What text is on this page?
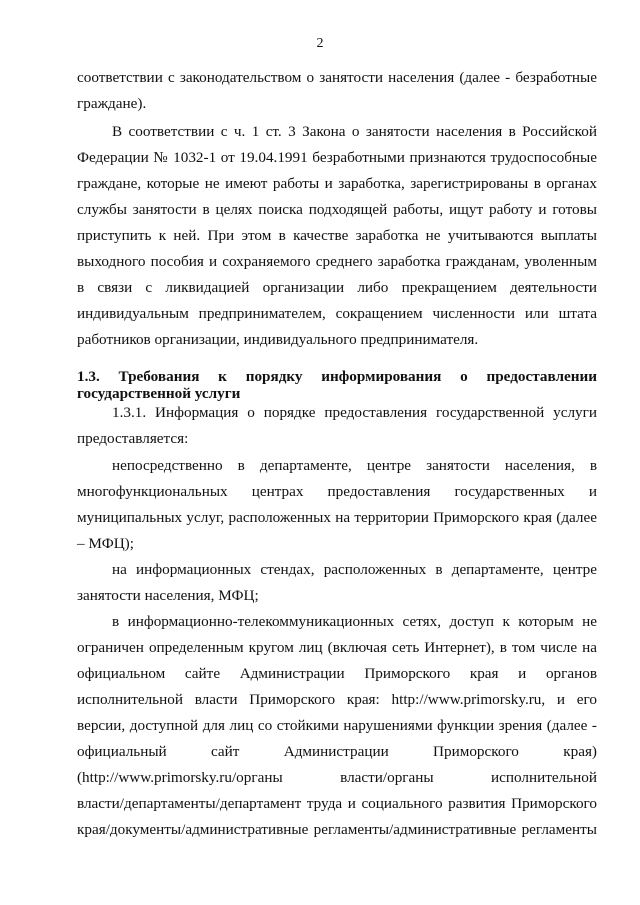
2
соответствии с законодательством о занятости населения (далее - безработные
граждане).
В соответствии с ч. 1 ст. 3 Закона о занятости населения в Российской
Федерации № 1032-1 от 19.04.1991 безработными признаются трудоспособные
граждане, которые не имеют работы и заработка, зарегистрированы в органах
службы занятости в целях поиска подходящей работы, ищут работу и готовы
приступить к ней. При этом в качестве заработка не учитываются выплаты
выходного пособия и сохраняемого среднего заработка гражданам, уволенным
в связи с ликвидацией организации либо прекращением деятельности
индивидуальным предпринимателем, сокращением численности или штата
работников организации, индивидуального предпринимателя.
1.3. Требования к порядку информирования о предоставлении
государственной услуги
1.3.1. Информация о порядке предоставления государственной услуги
предоставляется:
непосредственно в департаменте, центре занятости населения, в
многофункциональных центрах предоставления государственных и
муниципальных услуг, расположенных на территории Приморского края (далее
– МФЦ);
на информационных стендах, расположенных в департаменте, центре
занятости населения, МФЦ;
в информационно-телекоммуникационных сетях, доступ к которым не
ограничен определенным кругом лиц (включая сеть Интернет), в том числе на
официальном сайте Администрации Приморского края и органов
исполнительной власти Приморского края: http://www.primorsky.ru, и его
версии, доступной для лиц со стойкими нарушениями функции зрения (далее -
официальный сайт Администрации Приморского края)
(http://www.primorsky.ru/органы власти/органы исполнительной
власти/департаменты/департамент труда и социального развития Приморского
края/документы/административные регламенты/административные регламенты
